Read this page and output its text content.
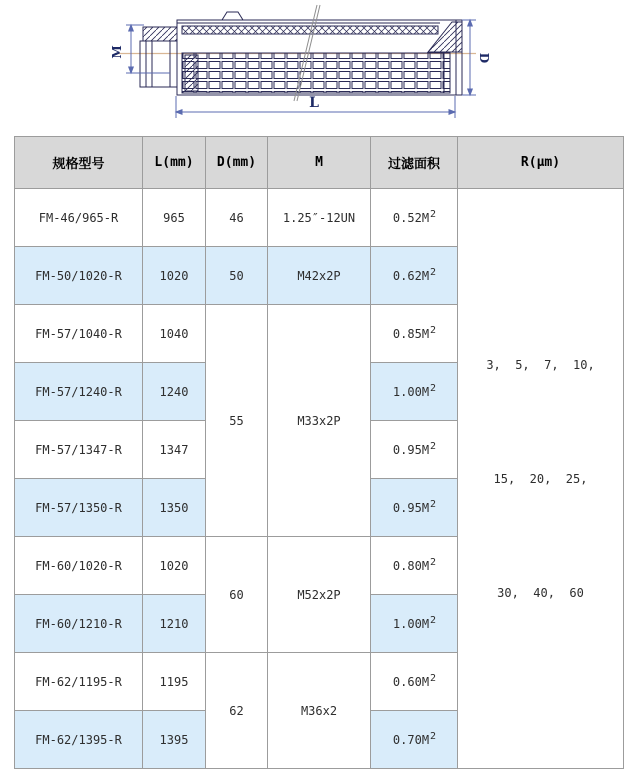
M	D
L
规格型号	L(mm)	D(mm)	M	过滤面积	R(μm)
FM-46/965-R	965	46	1.25″-12UN	$0.52M^2$	3,  5,  7,  10,

15,  20,  25,

30,  40,  60

FM-50/1020-R	1020	50	M42x2P	$0.62M^2$
FM-57/1040-R	1040	55	M33x2P	$0.85M^2$
FM-57/1240-R	1240			$1.00M^2$
FM-57/1347-R	1347			$0.95M^2$
FM-57/1350-R	1350			$0.95M^2$
FM-60/1020-R	1020	60	M52x2P	$0.80M^2$
FM-60/1210-R	1210			$1.00M^2$
FM-62/1195-R	1195	62	M36x2	$0.60M^2$
FM-62/1395-R	1395			$0.70M^2$
